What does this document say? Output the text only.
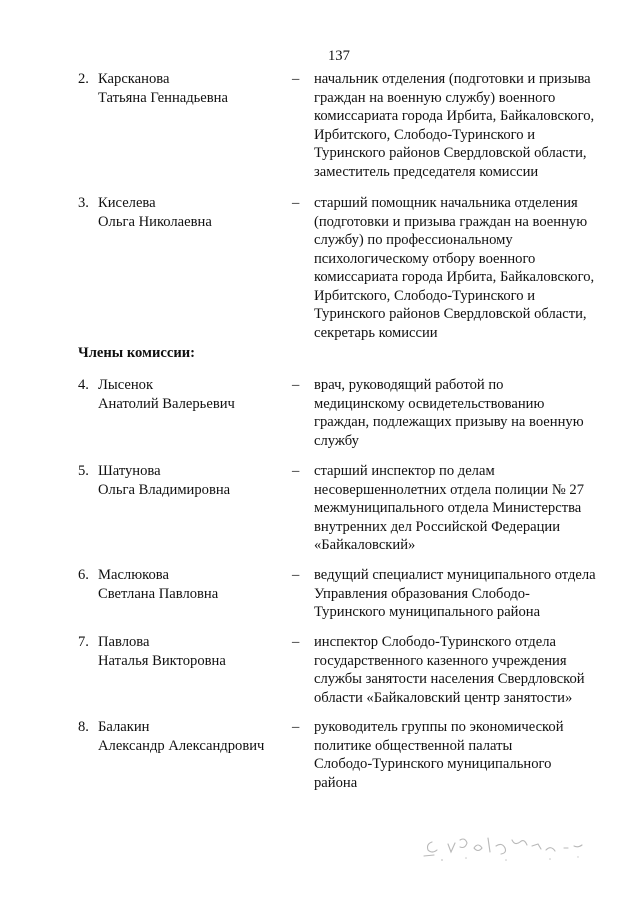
137
2. Карсканова
Татьяна Геннадьевна
– начальник отделения (подготовки и призыва
граждан на военную службу) военного
комиссариата города Ирбита, Байкаловского,
Ирбитского, Слободо-Туринского и
Туринского районов Свердловской области,
заместитель председателя комиссии
3. Киселева
Ольга Николаевна
– старший помощник начальника отделения
(подготовки и призыва граждан на военную
службу) по профессиональному
психологическому отбору военного
комиссариата города Ирбита, Байкаловского,
Ирбитского, Слободо-Туринского и
Туринского районов Свердловской области,
секретарь комиссии
Члены комиссии:
4. Лысенок
Анатолий Валерьевич
– врач, руководящий работой по
медицинскому освидетельствованию
граждан, подлежащих призыву на военную
службу
5. Шатунова
Ольга Владимировна
– старший инспектор по делам
несовершеннолетних отдела полиции № 27
межмуниципального отдела Министерства
внутренних дел Российской Федерации
«Байкаловский»
6. Маслюкова
Светлана Павловна
– ведущий специалист муниципального отдела
Управления образования Слободо-
Туринского муниципального района
7. Павлова
Наталья Викторовна
– инспектор Слободо-Туринского отдела
государственного казенного учреждения
службы занятости населения Свердловской
области «Байкаловский центр занятости»
8. Балакин
Александр Александрович
– руководитель группы по экономической
политике общественной палаты
Слободо-Туринского муниципального
района
